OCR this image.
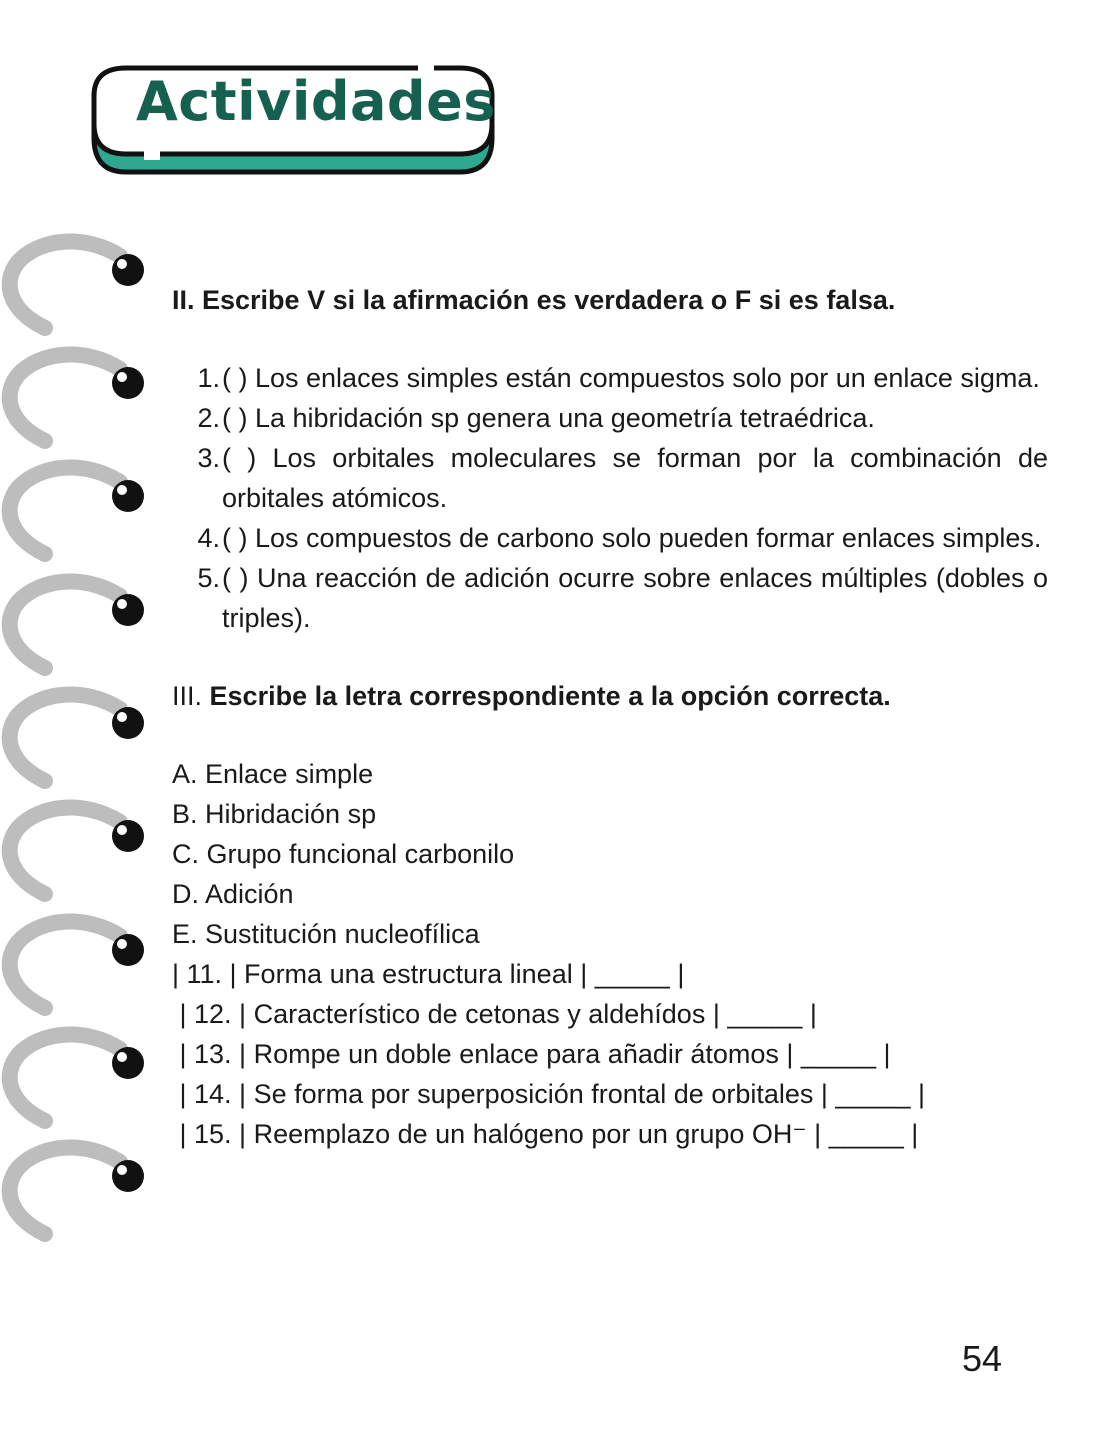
Actividades

II. Escribe V si la afirmación es verdadera o F si es falsa.

1. ( ) Los enlaces simples están compuestos solo por un enlace sigma.
2. ( ) La hibridación sp genera una geometría tetraédrica.
3. ( ) Los orbitales moleculares se forman por la combinación de orbitales atómicos.
4. ( ) Los compuestos de carbono solo pueden formar enlaces simples.
5. ( ) Una reacción de adición ocurre sobre enlaces múltiples (dobles o triples).

III. Escribe la letra correspondiente a la opción correcta.

A. Enlace simple
B. Hibridación sp
C. Grupo funcional carbonilo
D. Adición
E. Sustitución nucleofílica
| 11. | Forma una estructura lineal | _____ |
| 12. | Característico de cetonas y aldehídos | _____ |
| 13. | Rompe un doble enlace para añadir átomos | _____ |
| 14. | Se forma por superposición frontal de orbitales | _____ |
| 15. | Reemplazo de un halógeno por un grupo OH⁻ | _____ |
54
